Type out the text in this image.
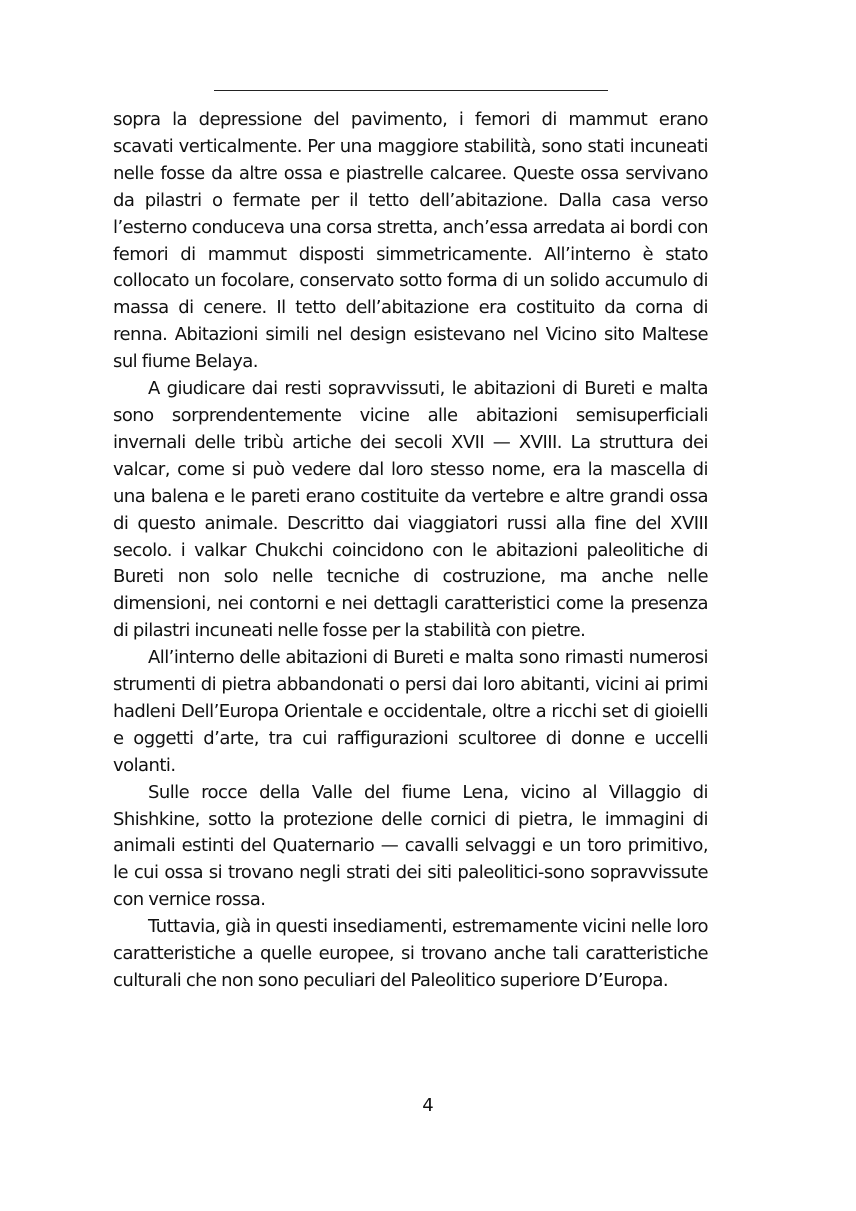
sopra la depressione del pavimento, i femori di mammut erano scavati verticalmente. Per una maggiore stabilità, sono stati incuneati nelle fosse da altre ossa e piastrelle calcaree. Queste ossa servivano da pilastri o fermate per il tetto dell’abitazione. Dalla casa verso l’esterno conduceva una corsa stretta, anch’essa arredata ai bordi con femori di mammut disposti simmetricamente. All’interno è stato collocato un focolare, conservato sotto forma di un solido accumulo di massa di cenere. Il tetto dell’abitazione era costituito da corna di renna. Abitazioni simili nel design esistevano nel Vicino sito Maltese sul fiume Belaya.

A giudicare dai resti sopravvissuti, le abitazioni di Bureti e malta sono sorprendentemente vicine alle abitazioni semisuperficiali invernali delle tribù artiche dei secoli XVII — XVIII. La struttura dei valcar, come si può vedere dal loro stesso nome, era la mascella di una balena e le pareti erano costituite da vertebre e altre grandi ossa di questo animale. Descritto dai viaggiatori russi alla fine del XVIII secolo. i valkar Chukchi coincidono con le abitazioni paleolitiche di Bureti non solo nelle tecniche di costruzione, ma anche nelle dimensioni, nei contorni e nei dettagli caratteristici come la presenza di pilastri incuneati nelle fosse per la stabilità con pietre.

All’interno delle abitazioni di Bureti e malta sono rimasti numerosi strumenti di pietra abbandonati o persi dai loro abitanti, vicini ai primi hadleni Dell’Europa Orientale e occidentale, oltre a ricchi set di gioielli e oggetti d’arte, tra cui raffigurazioni scultoree di donne e uccelli volanti.

Sulle rocce della Valle del fiume Lena, vicino al Villaggio di Shishkine, sotto la protezione delle cornici di pietra, le immagini di animali estinti del Quaternario — cavalli selvaggi e un toro primitivo, le cui ossa si trovano negli strati dei siti paleolitici-sono sopravvissute con vernice rossa.

Tuttavia, già in questi insediamenti, estremamente vicini nelle loro caratteristiche a quelle europee, si trovano anche tali caratteristiche culturali che non sono peculiari del Paleolitico superiore D’Europa.

4
